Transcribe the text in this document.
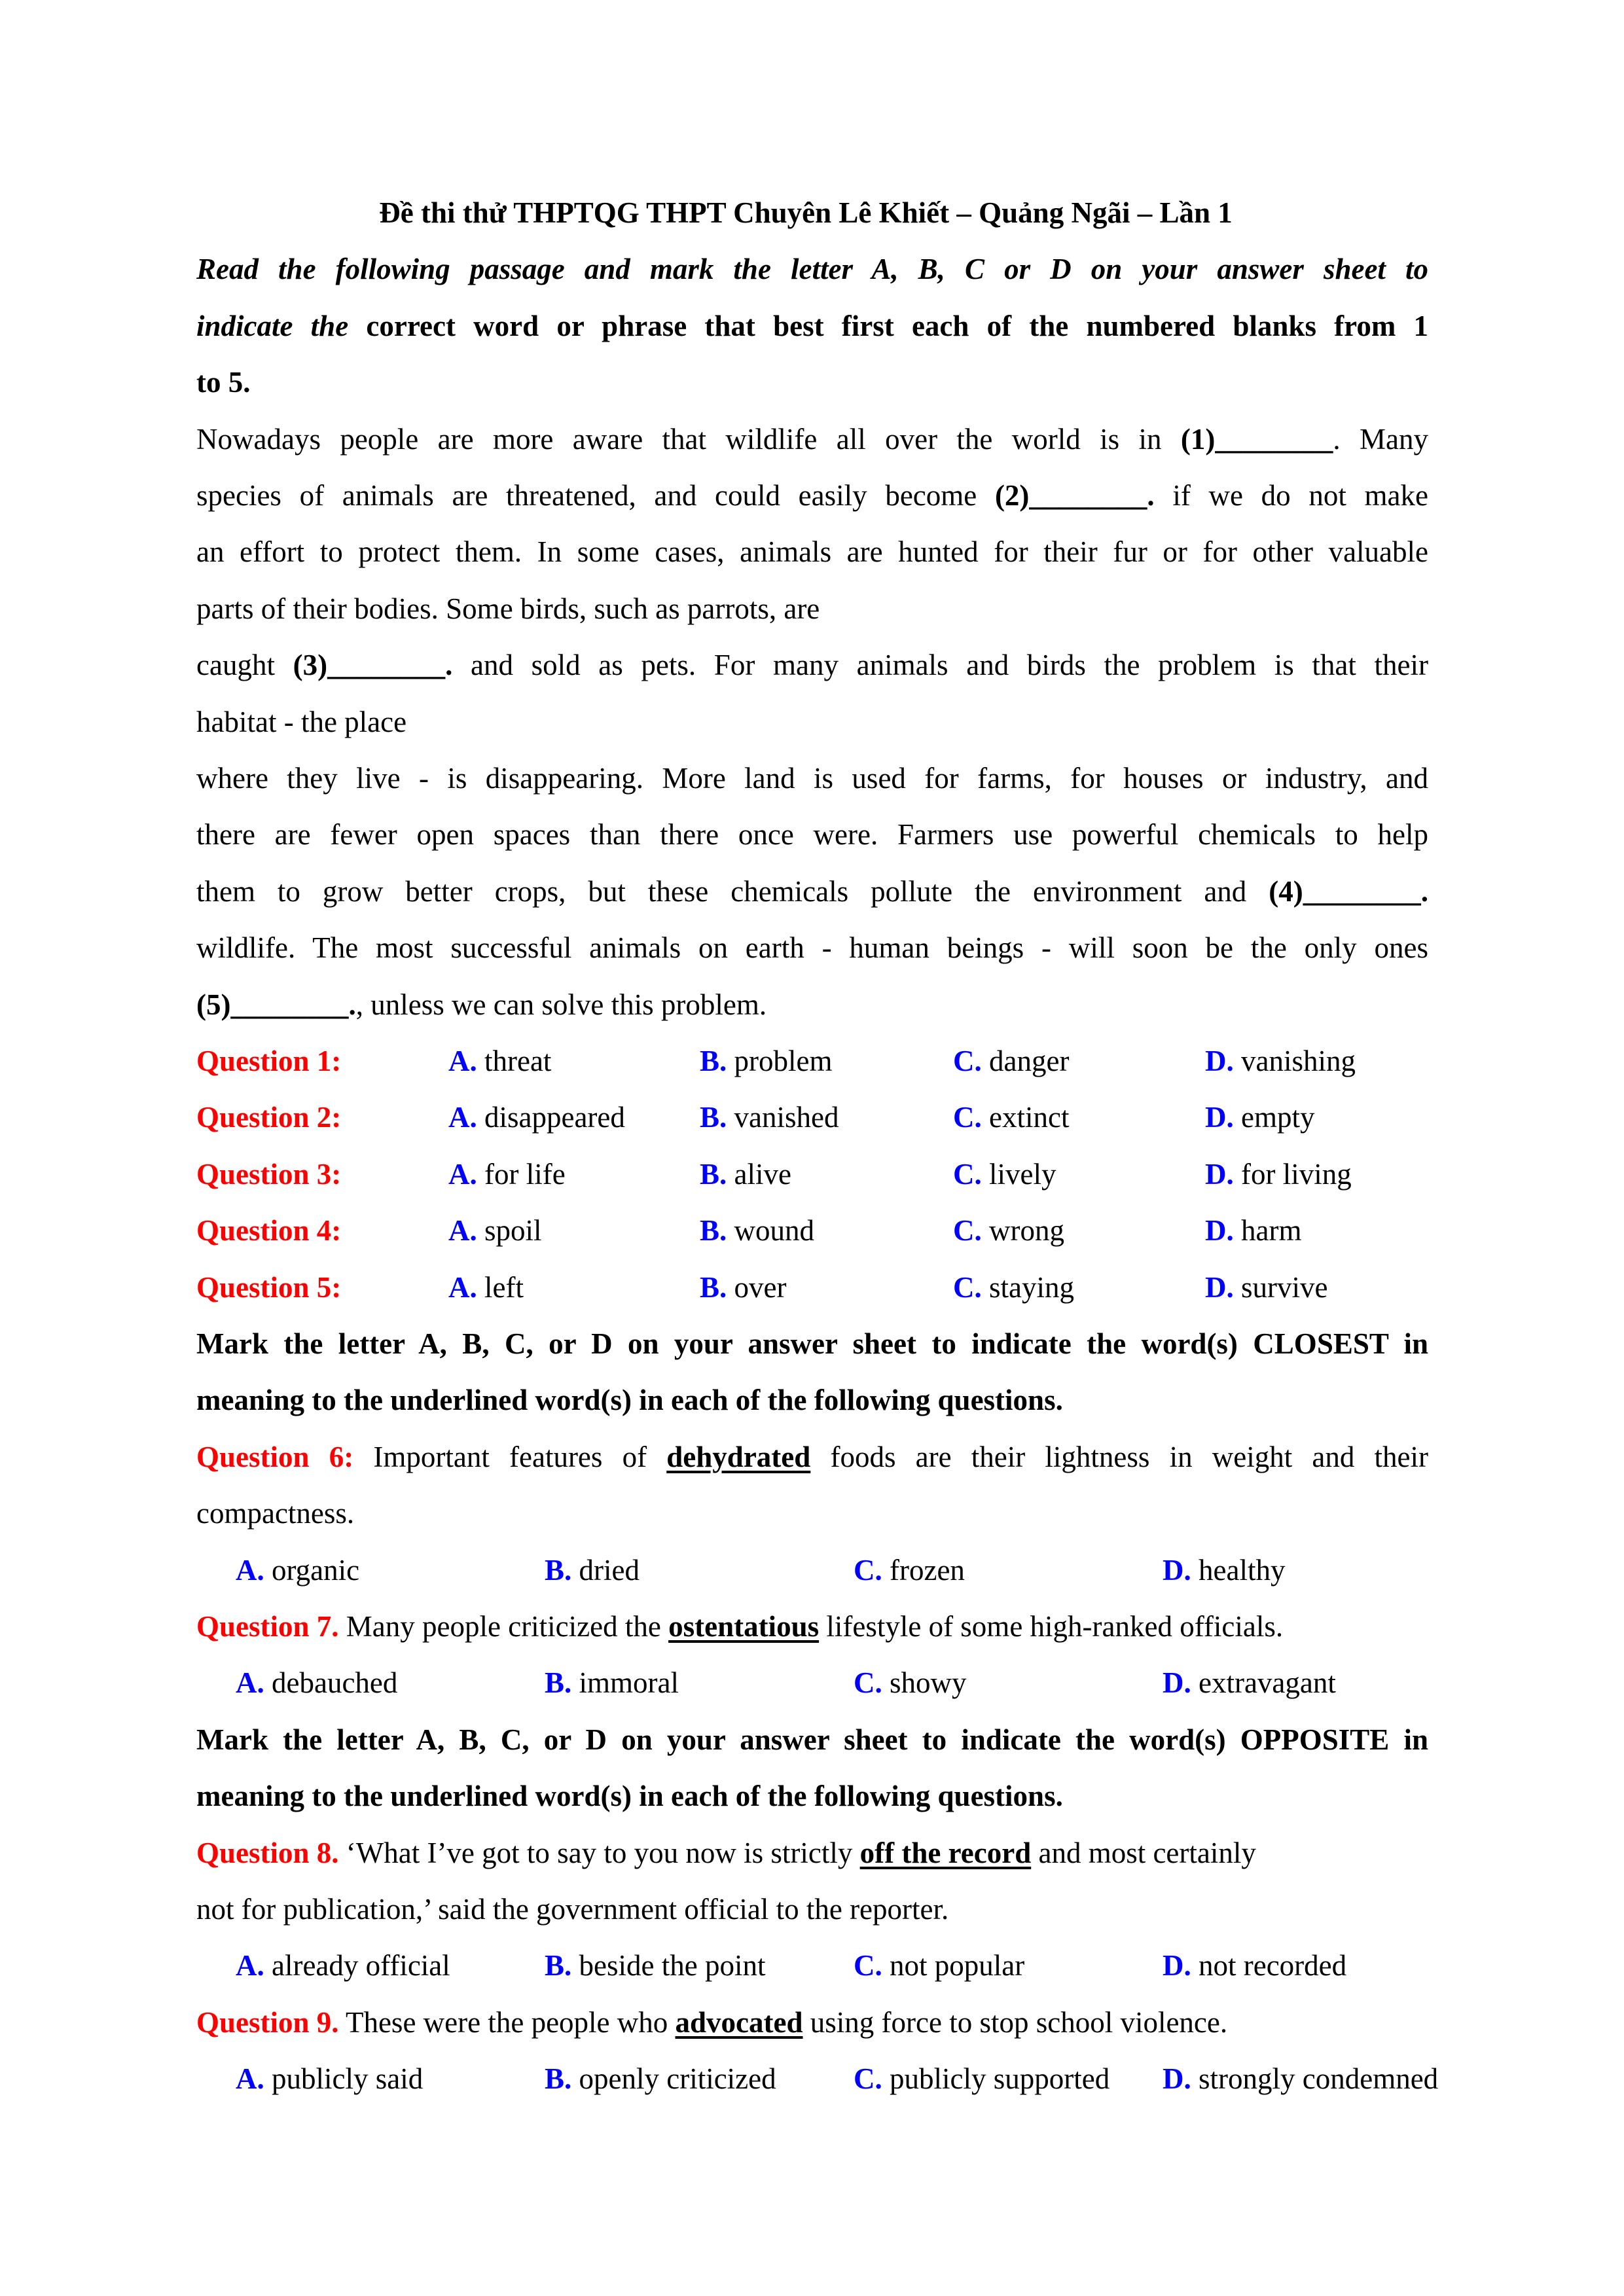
Đề thi thử THPTQG THPT Chuyên Lê Khiết – Quảng Ngãi – Lần 1
Read the following passage and mark the letter A, B, C or D on your answer sheet to
indicate the correct word or phrase that best first each of the numbered blanks from 1
to 5.
Nowadays people are more aware that wildlife all over the world is in (1)________. Many
species of animals are threatened, and could easily become (2)________. if we do not make
an effort to protect them. In some cases, animals are hunted for their fur or for other valuable
parts of their bodies. Some birds, such as parrots, are
caught (3)________. and sold as pets. For many animals and birds the problem is that their
habitat - the place
where they live - is disappearing. More land is used for farms, for houses or industry, and
there are fewer open spaces than there once were. Farmers use powerful chemicals to help
them to grow better crops, but these chemicals pollute the environment and (4)________.
wildlife. The most successful animals on earth - human beings - will soon be the only ones
(5)________., unless we can solve this problem.
Question 1:	A. threat	B. problem	C. danger	D. vanishing
Question 2:	A. disappeared	B. vanished	C. extinct	D. empty
Question 3:	A. for life	B. alive	C. lively	D. for living
Question 4:	A. spoil	B. wound	C. wrong	D. harm
Question 5:	A. left	B. over	C. staying	D. survive
Mark the letter A, B, C, or D on your answer sheet to indicate the word(s) CLOSEST in
meaning to the underlined word(s) in each of the following questions.
Question 6: Important features of dehydrated foods are their lightness in weight and their
compactness.
A. organic	B. dried	C. frozen	D. healthy
Question 7. Many people criticized the ostentatious lifestyle of some high-ranked officials.
A. debauched	B. immoral	C. showy	D. extravagant
Mark the letter A, B, C, or D on your answer sheet to indicate the word(s) OPPOSITE in
meaning to the underlined word(s) in each of the following questions.
Question 8. ‘What I’ve got to say to you now is strictly off the record and most certainly
not for publication,’ said the government official to the reporter.
A. already official	B. beside the point	C. not popular	D. not recorded
Question 9. These were the people who advocated using force to stop school violence.
A. publicly said	B. openly criticized	C. publicly supported D. strongly condemned
